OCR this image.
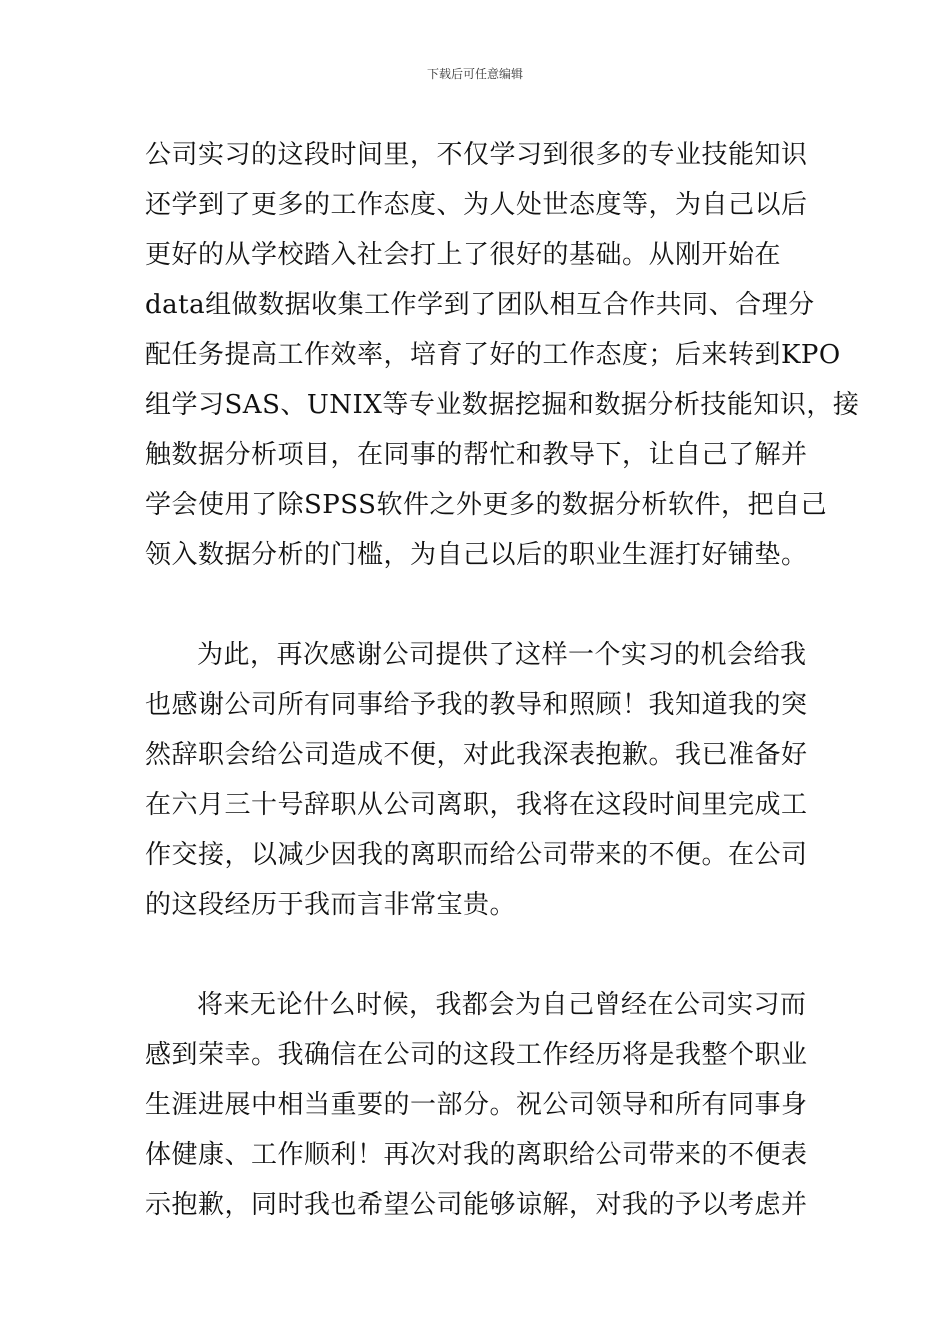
下载后可任意编辑
公司实习的这段时间里，不仅学习到很多的专业技能知识
还学到了更多的工作态度、为人处世态度等，为自己以后
更好的从学校踏入社会打上了很好的基础。从刚开始在
data组做数据收集工作学到了团队相互合作共同、合理分
配任务提高工作效率，培育了好的工作态度；后来转到KPO
组学习SAS、UNIX等专业数据挖掘和数据分析技能知识，接
触数据分析项目，在同事的帮忙和教导下，让自己了解并
学会使用了除SPSS软件之外更多的数据分析软件，把自己
领入数据分析的门槛，为自己以后的职业生涯打好铺垫。
为此，再次感谢公司提供了这样一个实习的机会给我
也感谢公司所有同事给予我的教导和照顾！我知道我的突
然辞职会给公司造成不便，对此我深表抱歉。我已准备好
在六月三十号辞职从公司离职，我将在这段时间里完成工
作交接，以减少因我的离职而给公司带来的不便。在公司
的这段经历于我而言非常宝贵。
将来无论什么时候，我都会为自己曾经在公司实习而
感到荣幸。我确信在公司的这段工作经历将是我整个职业
生涯进展中相当重要的一部分。祝公司领导和所有同事身
体健康、工作顺利！再次对我的离职给公司带来的不便表
示抱歉，同时我也希望公司能够谅解，对我的予以考虑并
